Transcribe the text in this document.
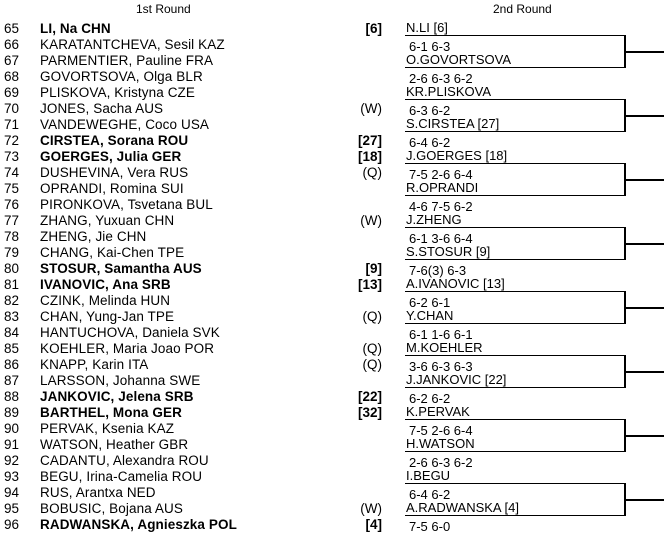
1st Round	2nd Round
65	LI, Na CHN	[6]
66	KARATANTCHEVA, Sesil KAZ
67	PARMENTIER, Pauline FRA
68	GOVORTSOVA, Olga BLR
69	PLISKOVA, Kristyna CZE
70	JONES, Sacha AUS	(W)
71	VANDEWEGHE, Coco USA
72	CIRSTEA, Sorana ROU	[27]
73	GOERGES, Julia GER	[18]
74	DUSHEVINA, Vera RUS	(Q)
75	OPRANDI, Romina SUI
76	PIRONKOVA, Tsvetana BUL
77	ZHANG, Yuxuan CHN	(W)
78	ZHENG, Jie CHN
79	CHANG, Kai-Chen TPE
80	STOSUR, Samantha AUS	[9]
81	IVANOVIC, Ana SRB	[13]
82	CZINK, Melinda HUN
83	CHAN, Yung-Jan TPE	(Q)
84	HANTUCHOVA, Daniela SVK
85	KOEHLER, Maria Joao POR	(Q)
86	KNAPP, Karin ITA	(Q)
87	LARSSON, Johanna SWE
88	JANKOVIC, Jelena SRB	[22]
89	BARTHEL, Mona GER	[32]
90	PERVAK, Ksenia KAZ
91	WATSON, Heather GBR
92	CADANTU, Alexandra ROU
93	BEGU, Irina-Camelia ROU
94	RUS, Arantxa NED
95	BOBUSIC, Bojana AUS	(W)
96	RADWANSKA, Agnieszka POL	[4]
N.LI [6]
O.GOVORTSOVA
6-1 6-3
KR.PLISKOVA
2-6 6-3 6-2
S.CIRSTEA [27]
6-3 6-2
J.GOERGES [18]
6-4 6-2
R.OPRANDI
7-5 2-6 6-4
J.ZHENG
4-6 7-5 6-2
S.STOSUR [9]
6-1 3-6 6-4
A.IVANOVIC [13]
7-6(3) 6-3
Y.CHAN
6-2 6-1
M.KOEHLER
6-1 1-6 6-1
J.JANKOVIC [22]
3-6 6-3 6-3
K.PERVAK
6-2 6-2
H.WATSON
7-5 2-6 6-4
I.BEGU
2-6 6-3 6-2
A.RADWANSKA [4]
6-4 6-2
7-5 6-0
